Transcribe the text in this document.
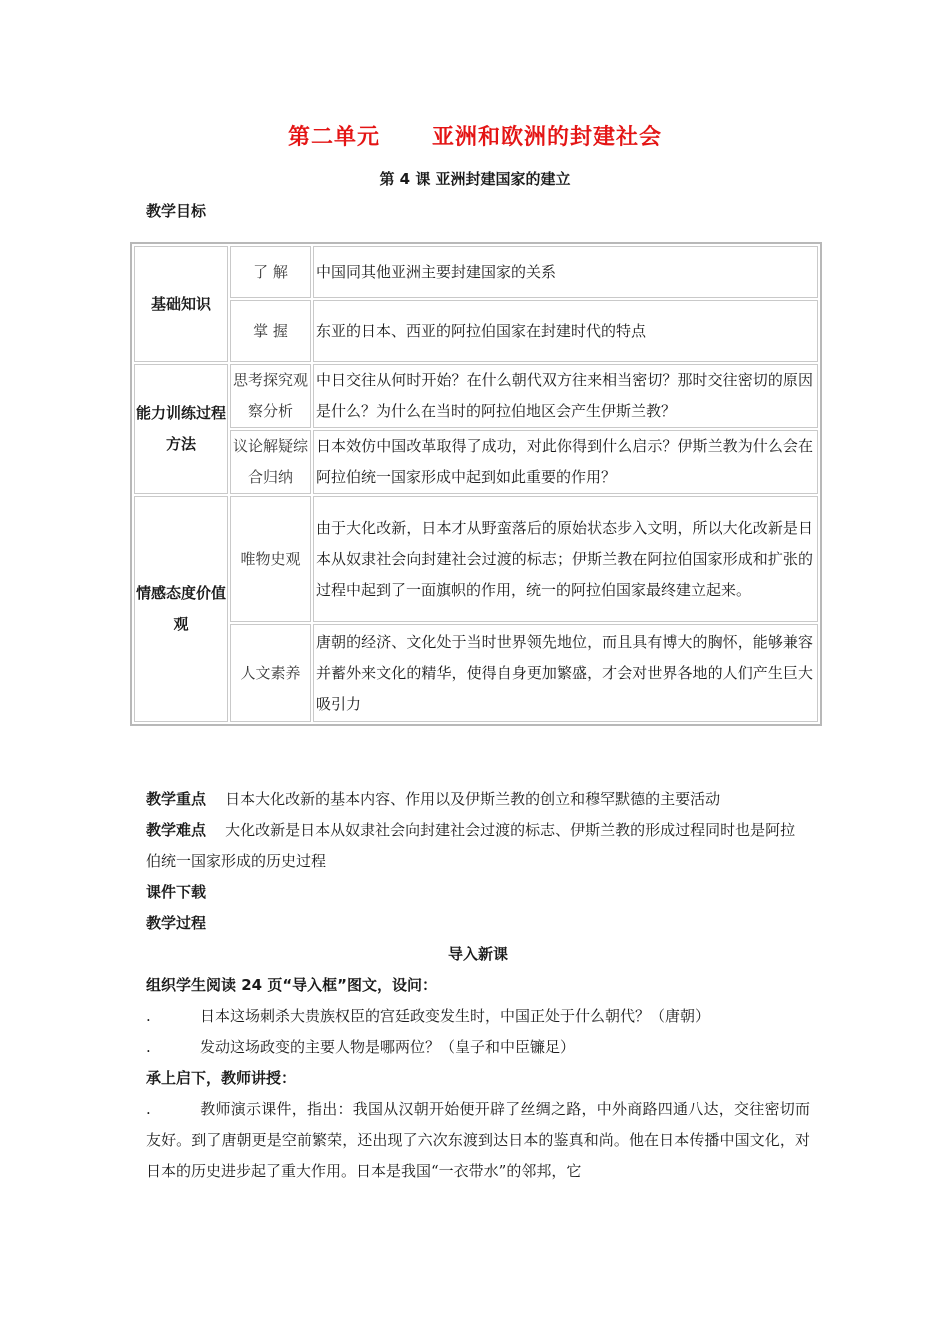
第二单元      亚洲和欧洲的封建社会
第 4 课 亚洲封建国家的建立
教学目标
基础知识	了 解	中国同其他亚洲主要封建国家的关系

	掌 握	东亚的日本、西亚的阿拉伯国家在封建时代的特点
能力训练过程方法	思考探究观察分析	中日交往从何时开始？在什么朝代双方往来相当密切？那时交往密切的原因是什么？为什么在当时的阿拉伯地区会产生伊斯兰教？
	议论解疑综合归纳	日本效仿中国改革取得了成功，对此你得到什么启示？伊斯兰教为什么会在阿拉伯统一国家形成中起到如此重要的作用？
情感态度价值 观	唯物史观	由于大化改新，日本才从野蛮落后的原始状态步入文明，所以大化改新是日本从奴隶社会向封建社会过渡的标志；伊斯兰教在阿拉伯国家形成和扩张的过程中起到了一面旗帜的作用，统一的阿拉伯国家最终建立起来。
	人文素养	唐朝的经济、文化处于当时世界领先地位，而且具有博大的胸怀，能够兼容并蓄外来文化的精华，使得自身更加繁盛，才会对世界各地的人们产生巨大吸引力

教学重点 日本大化改新的基本内容、作用以及伊斯兰教的创立和穆罕默德的主要活动

教学难点 大化改新是日本从奴隶社会向封建社会过渡的标志、伊斯兰教的形成过程同时也是阿拉伯统一国家形成的历史过程

课件下载

教学过程

导入新课

组织学生阅读 24 页“导入框”图文，设问：

.	日本这场刺杀大贵族权臣的宫廷政变发生时，中国正处于什么朝代？（唐朝）

.	发动这场政变的主要人物是哪两位？（皇子和中臣镰足）

承上启下，教师讲授：

.	教师演示课件，指出：我国从汉朝开始便开辟了丝绸之路，中外商路四通八达，交往密切而友好。到了唐朝更是空前繁荣，还出现了六次东渡到达日本的鉴真和尚。他在日本传播中国文化，对日本的历史进步起了重大作用。日本是我国“一衣带水”的邻邦，它
